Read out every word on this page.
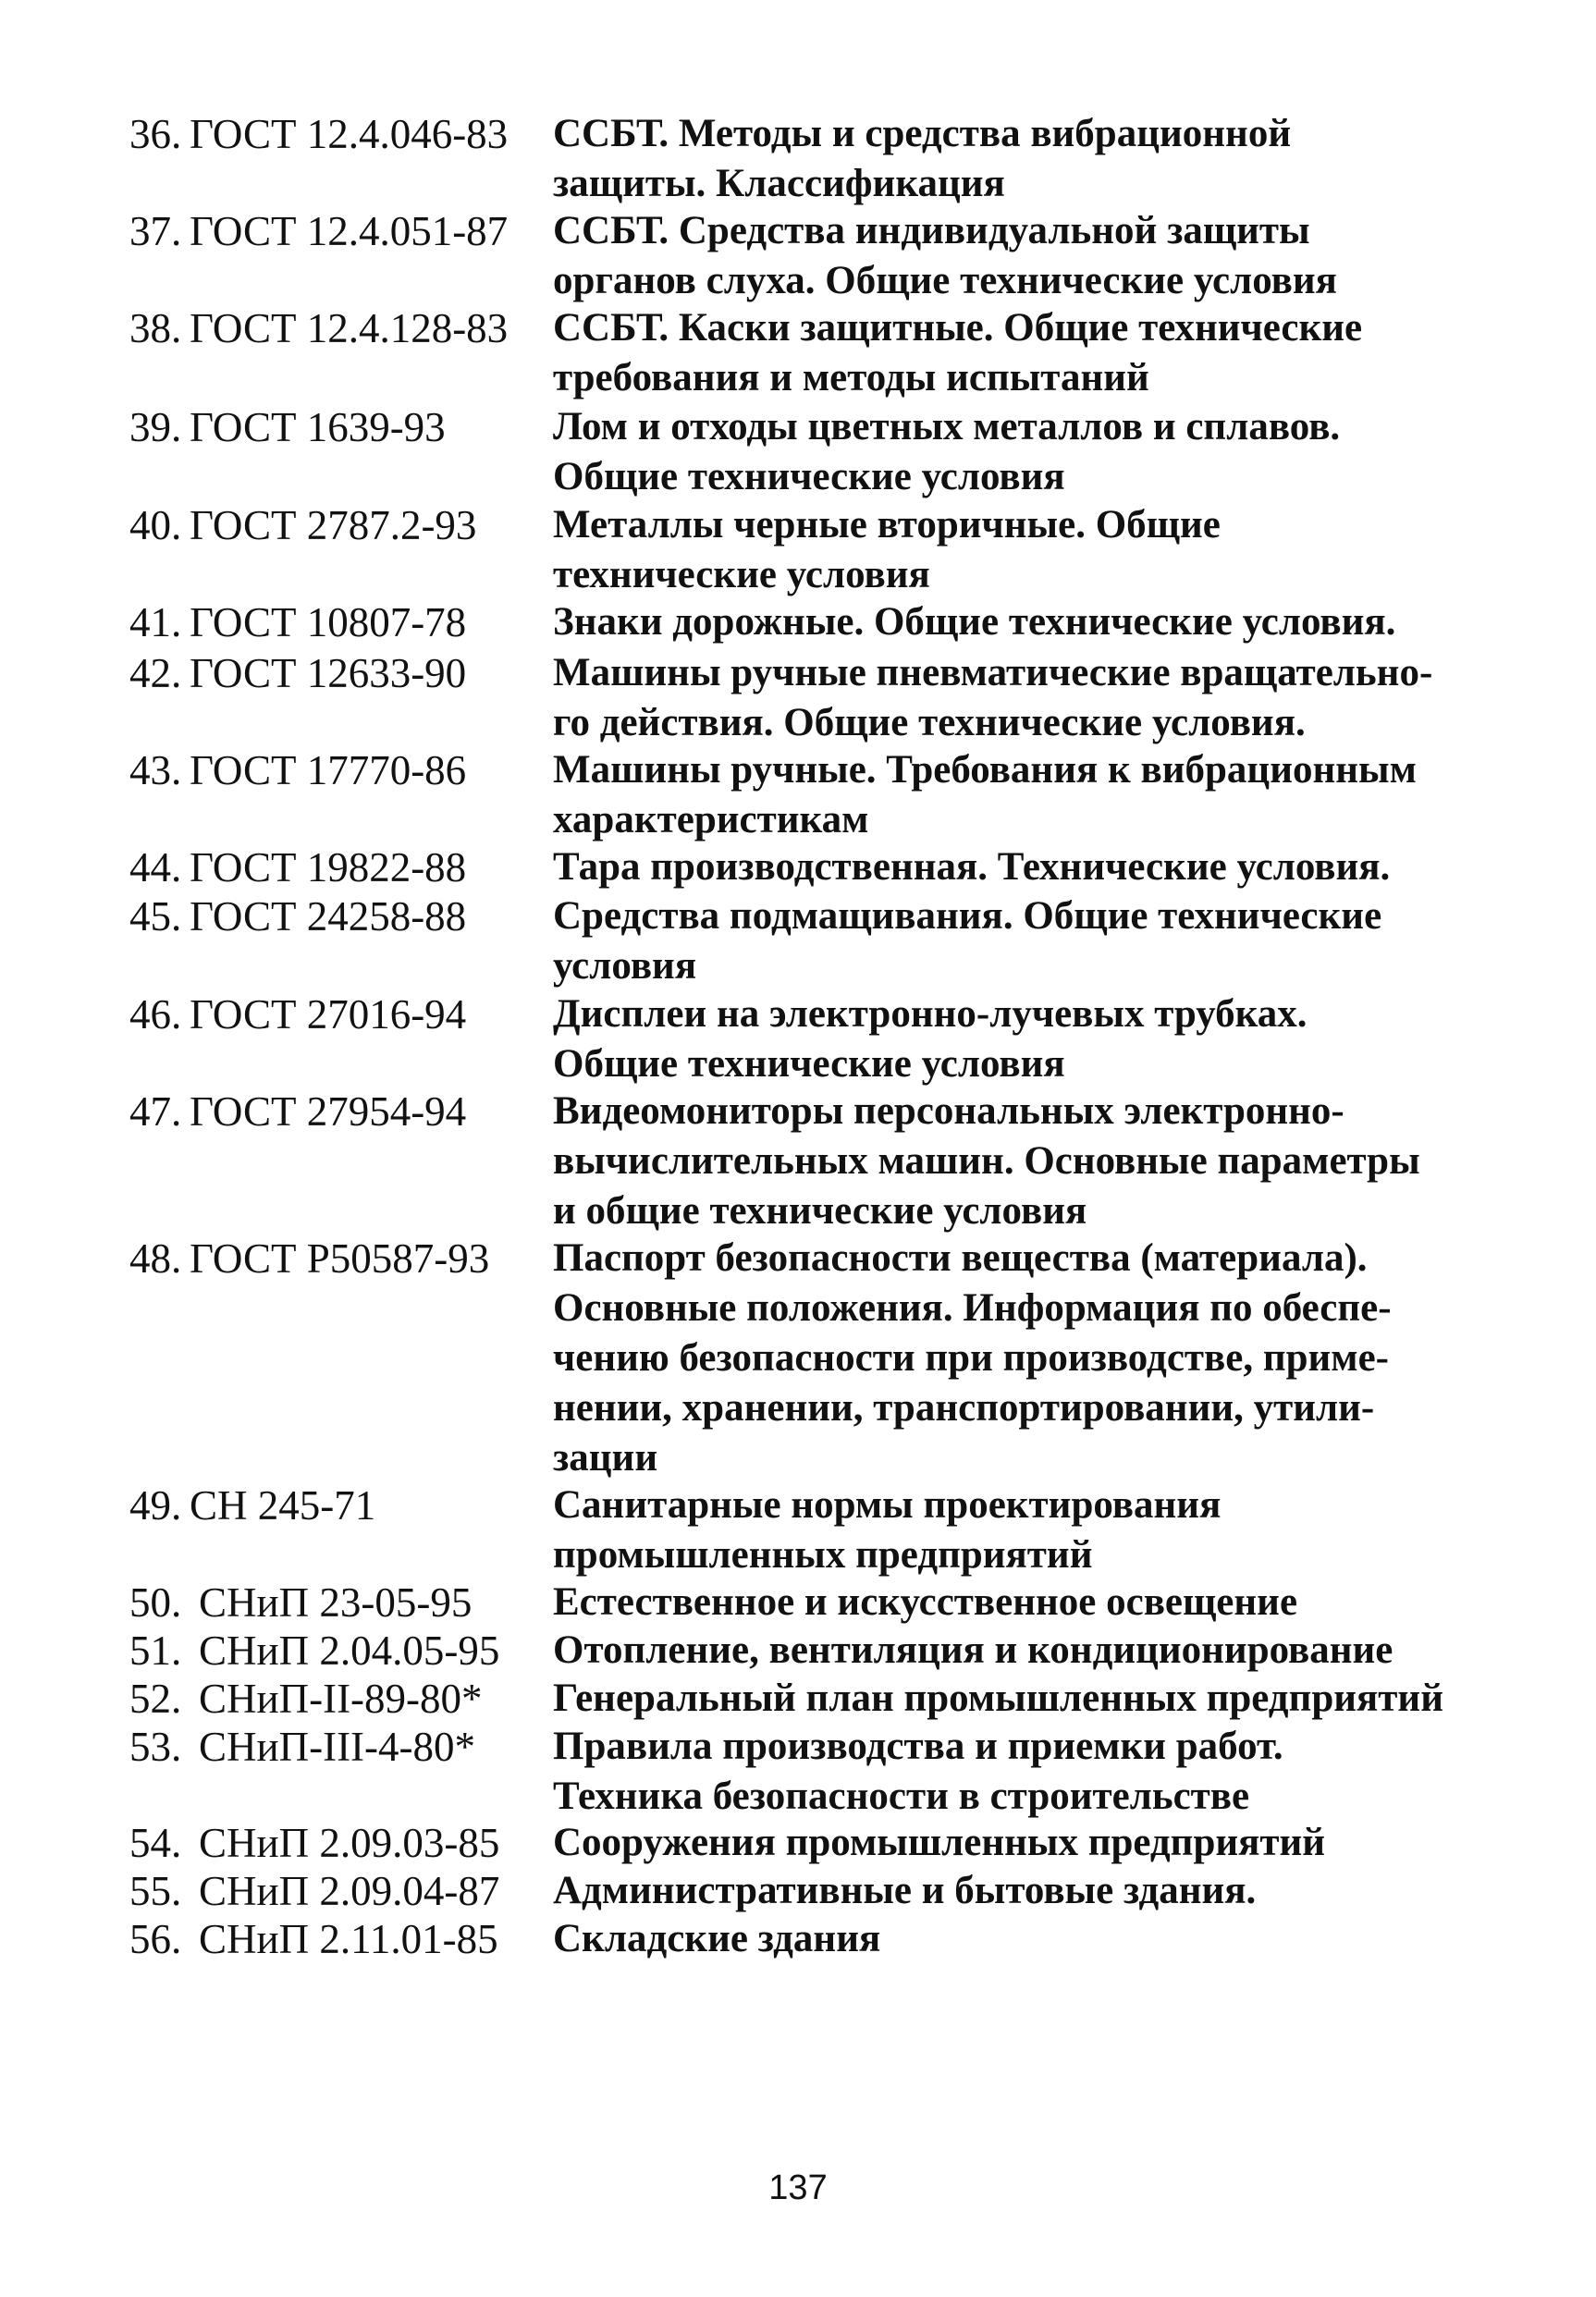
36. ГОСТ 12.4.046-83 ССБТ. Методы и средства вибрационной
защиты. Классификация
37. ГОСТ 12.4.051-87 ССБТ. Средства индивидуальной защиты
органов слуха. Общие технические условия
38. ГОСТ 12.4.128-83 ССБТ. Каски защитные. Общие технические
требования и методы испытаний
39. ГОСТ 1639-93	Лом и отходы цветных металлов и сплавов.
Общие технические условия
40. ГОСТ 2787.2-93 Металлы черные вторичные. Общие
технические условия
41. ГОСТ 10807-78 Знаки дорожные. Общие технические условия.
42. ГОСТ 12633-90 Машины ручные пневматические вращательно-
го действия. Общие технические условия.
43. ГОСТ 17770-86 Машины ручные. Требования к вибрационным
характеристикам
44. ГОСТ 19822-88 Тара производственная. Технические условия.
45. ГОСТ 24258-88 Средства подмащивания. Общие технические
условия
46. ГОСТ 27016-94 Дисплеи на электронно-лучевых трубках.
Общие технические условия
47. ГОСТ 27954-94 Видеомониторы персональных электронно-
вычислительных машин. Основные параметры
и общие технические условия
48. ГОСТ Р50587-93 Паспорт безопасности вещества (материала).
Основные положения. Информация по обеспе-
чению безопасности при производстве, приме-
нении, хранении, транспортировании, утили-
зации
49. СН 245-71	Санитарные нормы проектирования
промышленных предприятий
50. СНиП 23-05-95 Естественное и искусственное освещение
51. СНиП 2.04.05-95 Отопление, вентиляция и кондиционирование
52. СНиП-II-89-80* Генеральный план промышленных предприятий
53. СНиП-III-4-80* Правила производства и приемки работ.
Техника безопасности в строительстве
54. СНиП 2.09.03-85 Сооружения промышленных предприятий
55. СНиП 2.09.04-87 Административные и бытовые здания.
56. СНиП 2.11.01-85 Складские здания
137
